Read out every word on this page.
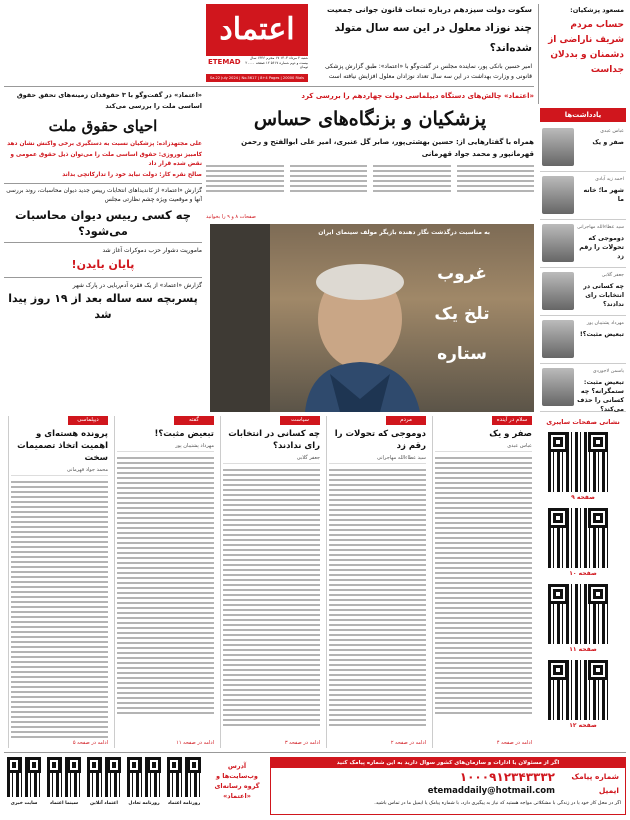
اعتماد
ETEMAD	شنبه ۲ مرداد ۱۴۰۳ ۱۷ محرم ۱۴۴۶ سال بیست و دوم شماره ۵۶۱۷ ۱۲ صفحه ۲۰۰۰۰ تومان
Sa.22 July 2024 | No.5617 | 8+4 Pages | 20000 Rials
سکوت دولت سیزدهم درباره تبعات قانون جوانی جمعیت
چند نوزاد معلول در این سه سال متولد شده‌اند؟
امیر حسین بانکی پور، نماینده مجلس در گفت‌وگو با «اعتماد»: طبق گزارش پزشکی قانونی و وزارت بهداشت در این سه سال تعداد نوزادان معلول افزایش نیافته است
مسعود پزشکیان:
حساب مردم شریف ناراضی از دشمنان و بددلان جداست
«اعتماد» در گفت‌وگو با ۳ حقوقدان زمینه‌های تحقق حقوق اساسی ملت را بررسی می‌کند
احیای حقوق ملت
علی مجتهدزاده: پزشکیان نسبت به دستگیری برخی واکنش نشان دهد
کامبیز نوروزی: حقوق اساسی ملت را می‌توان ذیل حقوق عمومی و نقض شده قرار داد
صالح نقره کار: دولت نباید خود را تدارکاتچی بداند
گزارش «اعتماد» از کاندیداهای انتخابات رییس جدید دیوان محاسبات، روند بررسی آنها و موقعیت ویژه چشم نظارتی مجلس
چه کسی رییس دیوان محاسبات می‌شود؟
ماموریت دشوار حزب دموکرات آغاز شد
پایان بایدن!
گزارش «اعتماد» از یک فقره آدم‌ربایی در پارک شهر
پسربچه سه ساله بعد از ۱۹ روز پیدا شد
«اعتماد» چالش‌های دستگاه دیپلماسی دولت چهاردهم را بررسی کرد
پزشکیان و بزنگاه‌های حساس
همراه با گفتارهایی از: حسین بهشتی‌پور، صابر گل عنبری، امیر علی ابوالفتح و رحمن قهرمانپور و محمد جواد قهرمانی
صفحات ۸ و ۹ را بخوانید
به مناسبت درگذشت نگار دهنده بازیگر مولف سینمای ایران
غروب تلخ یک ستاره
یادداشت‌ها
عباس عبدی
صفر و یک
احمد زید آبادی
شهر ما؛ خانه ما
سید عطاءالله مهاجرانی
دوموجی که تحولات را رقم زد
جعفر گلابی
چه کسانی در انتخابات رای ندادند؟
مهرداد پشتیبان پور
تبعیض مثبت؟!
یاسمن لاجوردی
تبعیض مثبت: ستمگرانه؟ چه کسانی را حذف می‌کند؟
سلام در آینده
صفر و یک
عباس عبدی
ادامه در صفحه ۴
مردم
دوموجی که تحولات را رقم زد
سید عطاءالله مهاجرانی
ادامه در صفحه ۲
سیاست
چه کسانی در انتخابات رای ندادند؟
جعفر گلابی
ادامه در صفحه ۳
گفته
تبعیض مثبت؟!
مهرداد پشتیبان پور
ادامه در صفحه ۱۱
دیپلماسی
پرونده هسته‌ای و اهمیت اتخاذ تصمیمات سخت
محمد جواد قهرمانی
ادامه در صفحه ۵
نشانی صفحات سایبری
صفحه ۹
صفحه ۱۰
صفحه ۱۱
صفحه ۱۲
سایت خبری	سینما اعتماد	اعتماد آنلاین	روزنامه تعادل	روزنامه اعتماد
آدرس وب‌سایت‌ها و گروه رسانه‌ای «اعتماد»
اگر از مسئولان یا ادارات و سازمان‌های کشور سوال دارید به این شماره پیامک کنید
شماره پیامک
۱۰۰۰۹۱۲۳۴۳۳۳۲
ایمیل
etemaddaily@hotmail.com
اگر در محل کار خود یا در زندگی با مشکلاتی مواجه هستید که نیاز به پیگیری دارد، با شماره پیامک یا ایمیل ما در تماس باشید.
